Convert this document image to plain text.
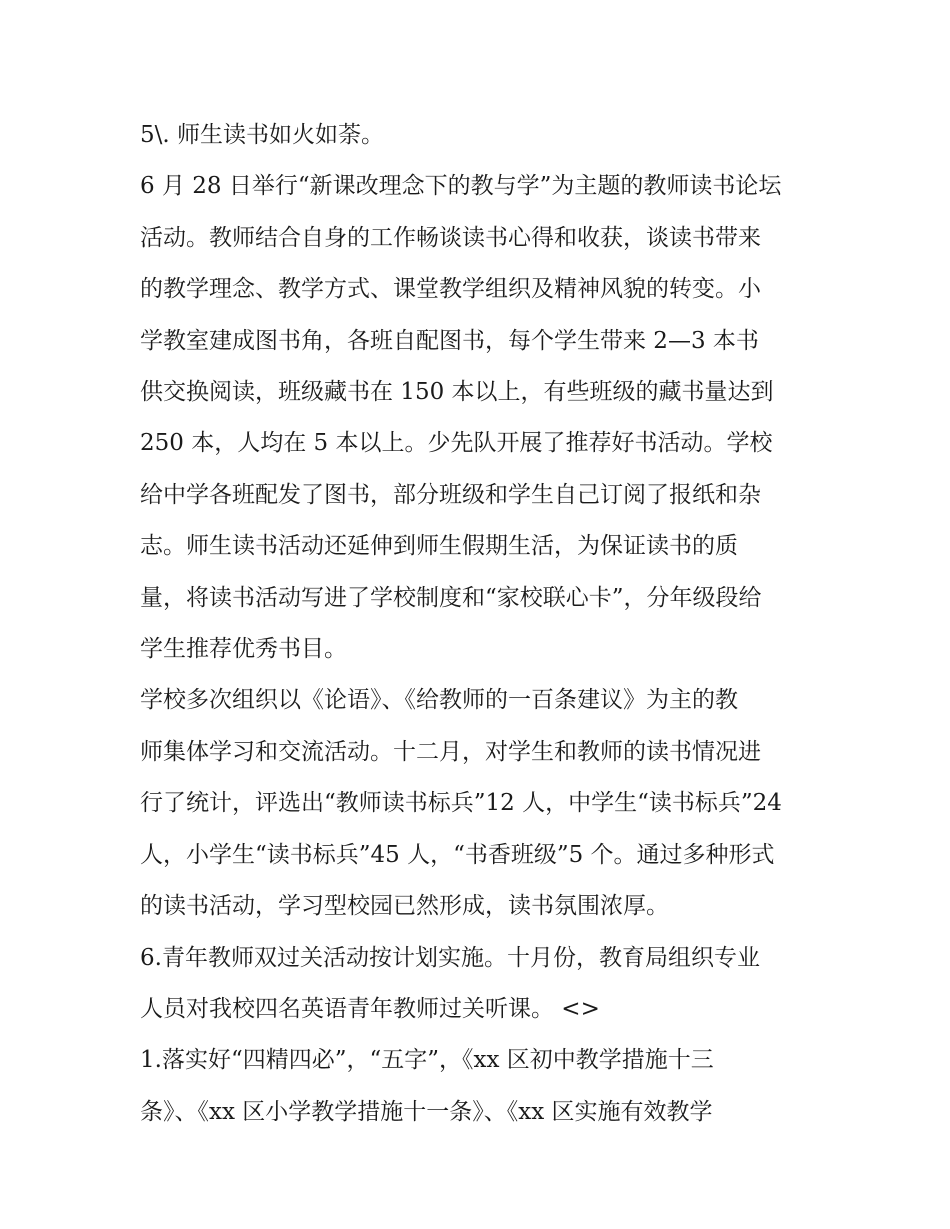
5\. 师生读书如火如荼。
6 月 28 日举行“新课改理念下的教与学”为主题的教师读书论坛
活动。教师结合自身的工作畅谈读书心得和收获，谈读书带来
的教学理念、教学方式、课堂教学组织及精神风貌的转变。小
学教室建成图书角，各班自配图书，每个学生带来 2—3 本书
供交换阅读，班级藏书在 150 本以上，有些班级的藏书量达到
250 本，人均在 5 本以上。少先队开展了推荐好书活动。学校
给中学各班配发了图书，部分班级和学生自己订阅了报纸和杂
志。师生读书活动还延伸到师生假期生活，为保证读书的质
量，将读书活动写进了学校制度和“家校联心卡”，分年级段给
学生推荐优秀书目。
学校多次组织以《论语》、《给教师的一百条建议》为主的教
师集体学习和交流活动。十二月，对学生和教师的读书情况进
行了统计，评选出“教师读书标兵”12 人，中学生“读书标兵”24
人，小学生“读书标兵”45 人，“书香班级”5 个。通过多种形式
的读书活动，学习型校园已然形成，读书氛围浓厚。
6.青年教师双过关活动按计划实施。十月份，教育局组织专业
人员对我校四名英语青年教师过关听课。 <>
1.落实好“四精四必”，“五字”，《xx 区初中教学措施十三
条》、《xx 区小学教学措施十一条》、《xx 区实施有效教学
